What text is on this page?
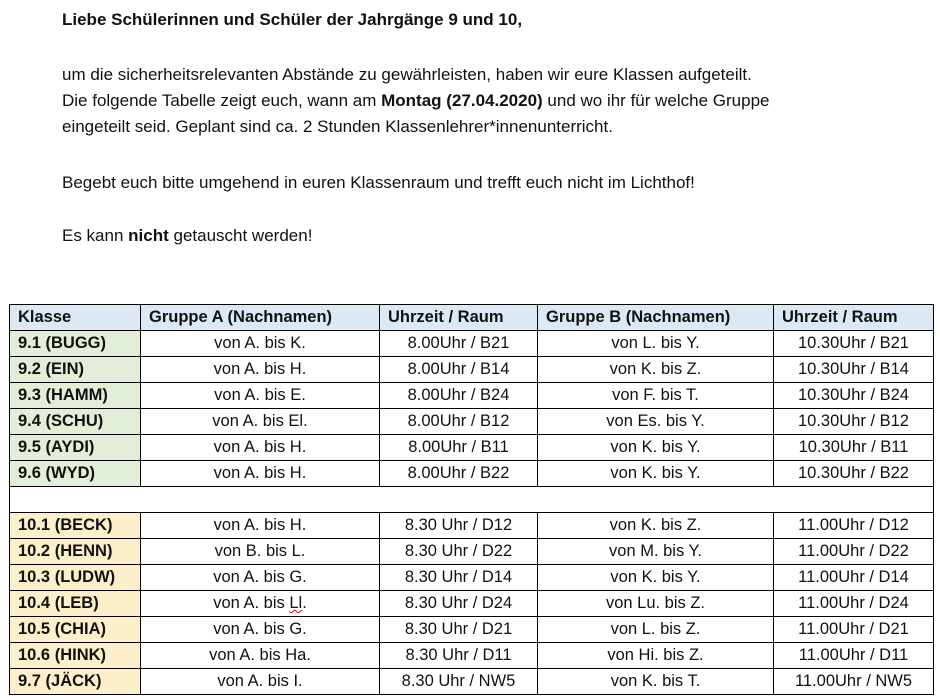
Liebe Schülerinnen und Schüler der Jahrgänge 9 und 10,

um die sicherheitsrelevanten Abstände zu gewährleisten, haben wir eure Klassen aufgeteilt.

Die folgende Tabelle zeigt euch, wann am Montag (27.04.2020) und wo ihr für welche Gruppe

eingeteilt seid. Geplant sind ca. 2 Stunden Klassenlehrer*innenunterricht.

Begebt euch bitte umgehend in euren Klassenraum und trefft euch nicht im Lichthof!

Es kann nicht getauscht werden!

Klasse	Gruppe A (Nachnamen)	Uhrzeit / Raum	Gruppe B (Nachnamen)	Uhrzeit / Raum
9.1 (BUGG)	von A. bis K.	8.00Uhr / B21	von L. bis Y.	10.30Uhr / B21
9.2 (EIN)	von A. bis H.	8.00Uhr / B14	von K. bis Z.	10.30Uhr / B14
9.3 (HAMM)	von A. bis E.	8.00Uhr / B24	von F. bis T.	10.30Uhr / B24
9.4 (SCHU)	von A. bis El.	8.00Uhr / B12	von Es. bis Y.	10.30Uhr / B12
9.5 (AYDI)	von A. bis H.	8.00Uhr / B11	von K. bis Y.	10.30Uhr / B11
9.6 (WYD)	von A. bis H.	8.00Uhr / B22	von K. bis Y.	10.30Uhr / B22

10.1 (BECK)	von A. bis H.	8.30 Uhr / D12	von K. bis Z.	11.00Uhr / D12
10.2 (HENN)	von B. bis L.	8.30 Uhr / D22	von M. bis Y.	11.00Uhr / D22
10.3 (LUDW)	von A. bis G.	8.30 Uhr / D14	von K. bis Y.	11.00Uhr / D14
10.4 (LEB)	von A. bis Ll.	8.30 Uhr / D24	von Lu. bis Z.	11.00Uhr / D24
10.5 (CHIA)	von A. bis G.	8.30 Uhr / D21	von L. bis Z.	11.00Uhr / D21
10.6 (HINK)	von A. bis Ha.	8.30 Uhr / D11	von Hi. bis Z.	11.00Uhr / D11
9.7 (JÄCK)	von A. bis I.	8.30 Uhr / NW5	von K. bis T.	11.00Uhr / NW5
